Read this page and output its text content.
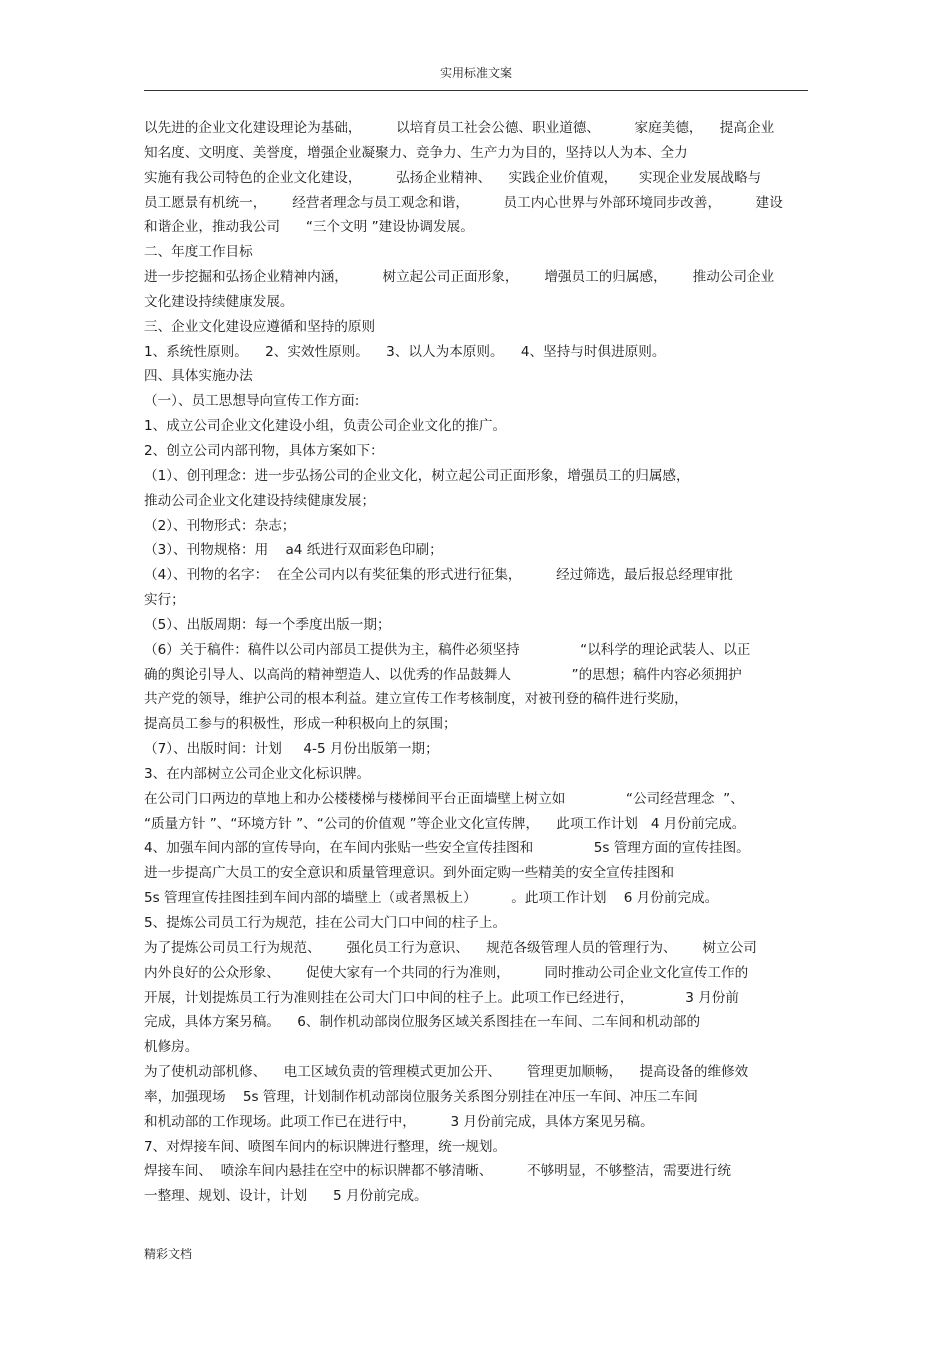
实用标准文案
以先进的企业文化建设理论为基础，        以培育员工社会公德、职业道德、        家庭美德，    提高企业
知名度、文明度、美誉度，增强企业凝聚力、竞争力、生产力为目的，坚持以人为本、全力
实施有我公司特色的企业文化建设，        弘扬企业精神、    实践企业价值观，     实现企业发展战略与
员工愿景有机统一，      经营者理念与员工观念和谐，        员工内心世界与外部环境同步改善，        建设
和谐企业，推动我公司      “三个文明 ”建设协调发展。
二、年度工作目标
进一步挖掘和弘扬企业精神内涵，        树立起公司正面形象，      增强员工的归属感，      推动公司企业
文化建设持续健康发展。
三、企业文化建设应遵循和坚持的原则
1、系统性原则。    2、实效性原则。    3、以人为本原则。    4、坚持与时俱进原则。
四、具体实施办法
（一）、员工思想导向宣传工作方面:
1、成立公司企业文化建设小组，负责公司企业文化的推广。
2、创立公司内部刊物，具体方案如下：
（1）、创刊理念：进一步弘扬公司的企业文化，树立起公司正面形象，增强员工的归属感，
推动公司企业文化建设持续健康发展；
（2）、刊物形式：杂志；
（3）、刊物规格：用    a4 纸进行双面彩色印刷；
（4）、刊物的名字：  在全公司内以有奖征集的形式进行征集，        经过筛选，最后报总经理审批
实行；
（5）、出版周期：每一个季度出版一期；
（6）关于稿件：稿件以公司内部员工提供为主，稿件必须坚持              “以科学的理论武装人、以正
确的舆论引导人、以高尚的精神塑造人、以优秀的作品鼓舞人              ”的思想；稿件内容必须拥护
共产党的领导，维护公司的根本利益。建立宣传工作考核制度，对被刊登的稿件进行奖励，
提高员工参与的积极性，形成一种积极向上的氛围；
（7）、出版时间：计划     4-5 月份出版第一期；
3、在内部树立公司企业文化标识牌。
在公司门口两边的草地上和办公楼楼梯与楼梯间平台正面墙壁上树立如              “公司经营理念  ”、
“质量方针 ”、“环境方针 ”、“公司的价值观 ”等企业文化宣传牌，    此项工作计划   4 月份前完成。
4、加强车间内部的宣传导向，在车间内张贴一些安全宣传挂图和              5s 管理方面的宣传挂图。
进一步提高广大员工的安全意识和质量管理意识。到外面定购一些精美的安全宣传挂图和
5s 管理宣传挂图挂到车间内部的墙壁上（或者黑板上）        。此项工作计划    6 月份前完成。
5、提炼公司员工行为规范，挂在公司大门口中间的柱子上。
为了提炼公司员工行为规范、      强化员工行为意识、    规范各级管理人员的管理行为、      树立公司
内外良好的公众形象、      促使大家有一个共同的行为准则，        同时推动公司企业文化宣传工作的
开展，计划提炼员工行为准则挂在公司大门口中间的柱子上。此项工作已经进行，            3 月份前
完成，具体方案另稿。    6、制作机动部岗位服务区域关系图挂在一车间、二车间和机动部的
机修房。
为了使机动部机修、    电工区域负责的管理模式更加公开、      管理更加顺畅，    提高设备的维修效
率，加强现场    5s 管理，计划制作机动部岗位服务关系图分别挂在冲压一车间、冲压二车间
和机动部的工作现场。此项工作已在进行中，        3 月份前完成，具体方案见另稿。
7、对焊接车间、喷图车间内的标识牌进行整理，统一规划。
焊接车间、  喷涂车间内悬挂在空中的标识牌都不够清晰、        不够明显，不够整洁，需要进行统
一整理、规划、设计，计划      5 月份前完成。
精彩文档
